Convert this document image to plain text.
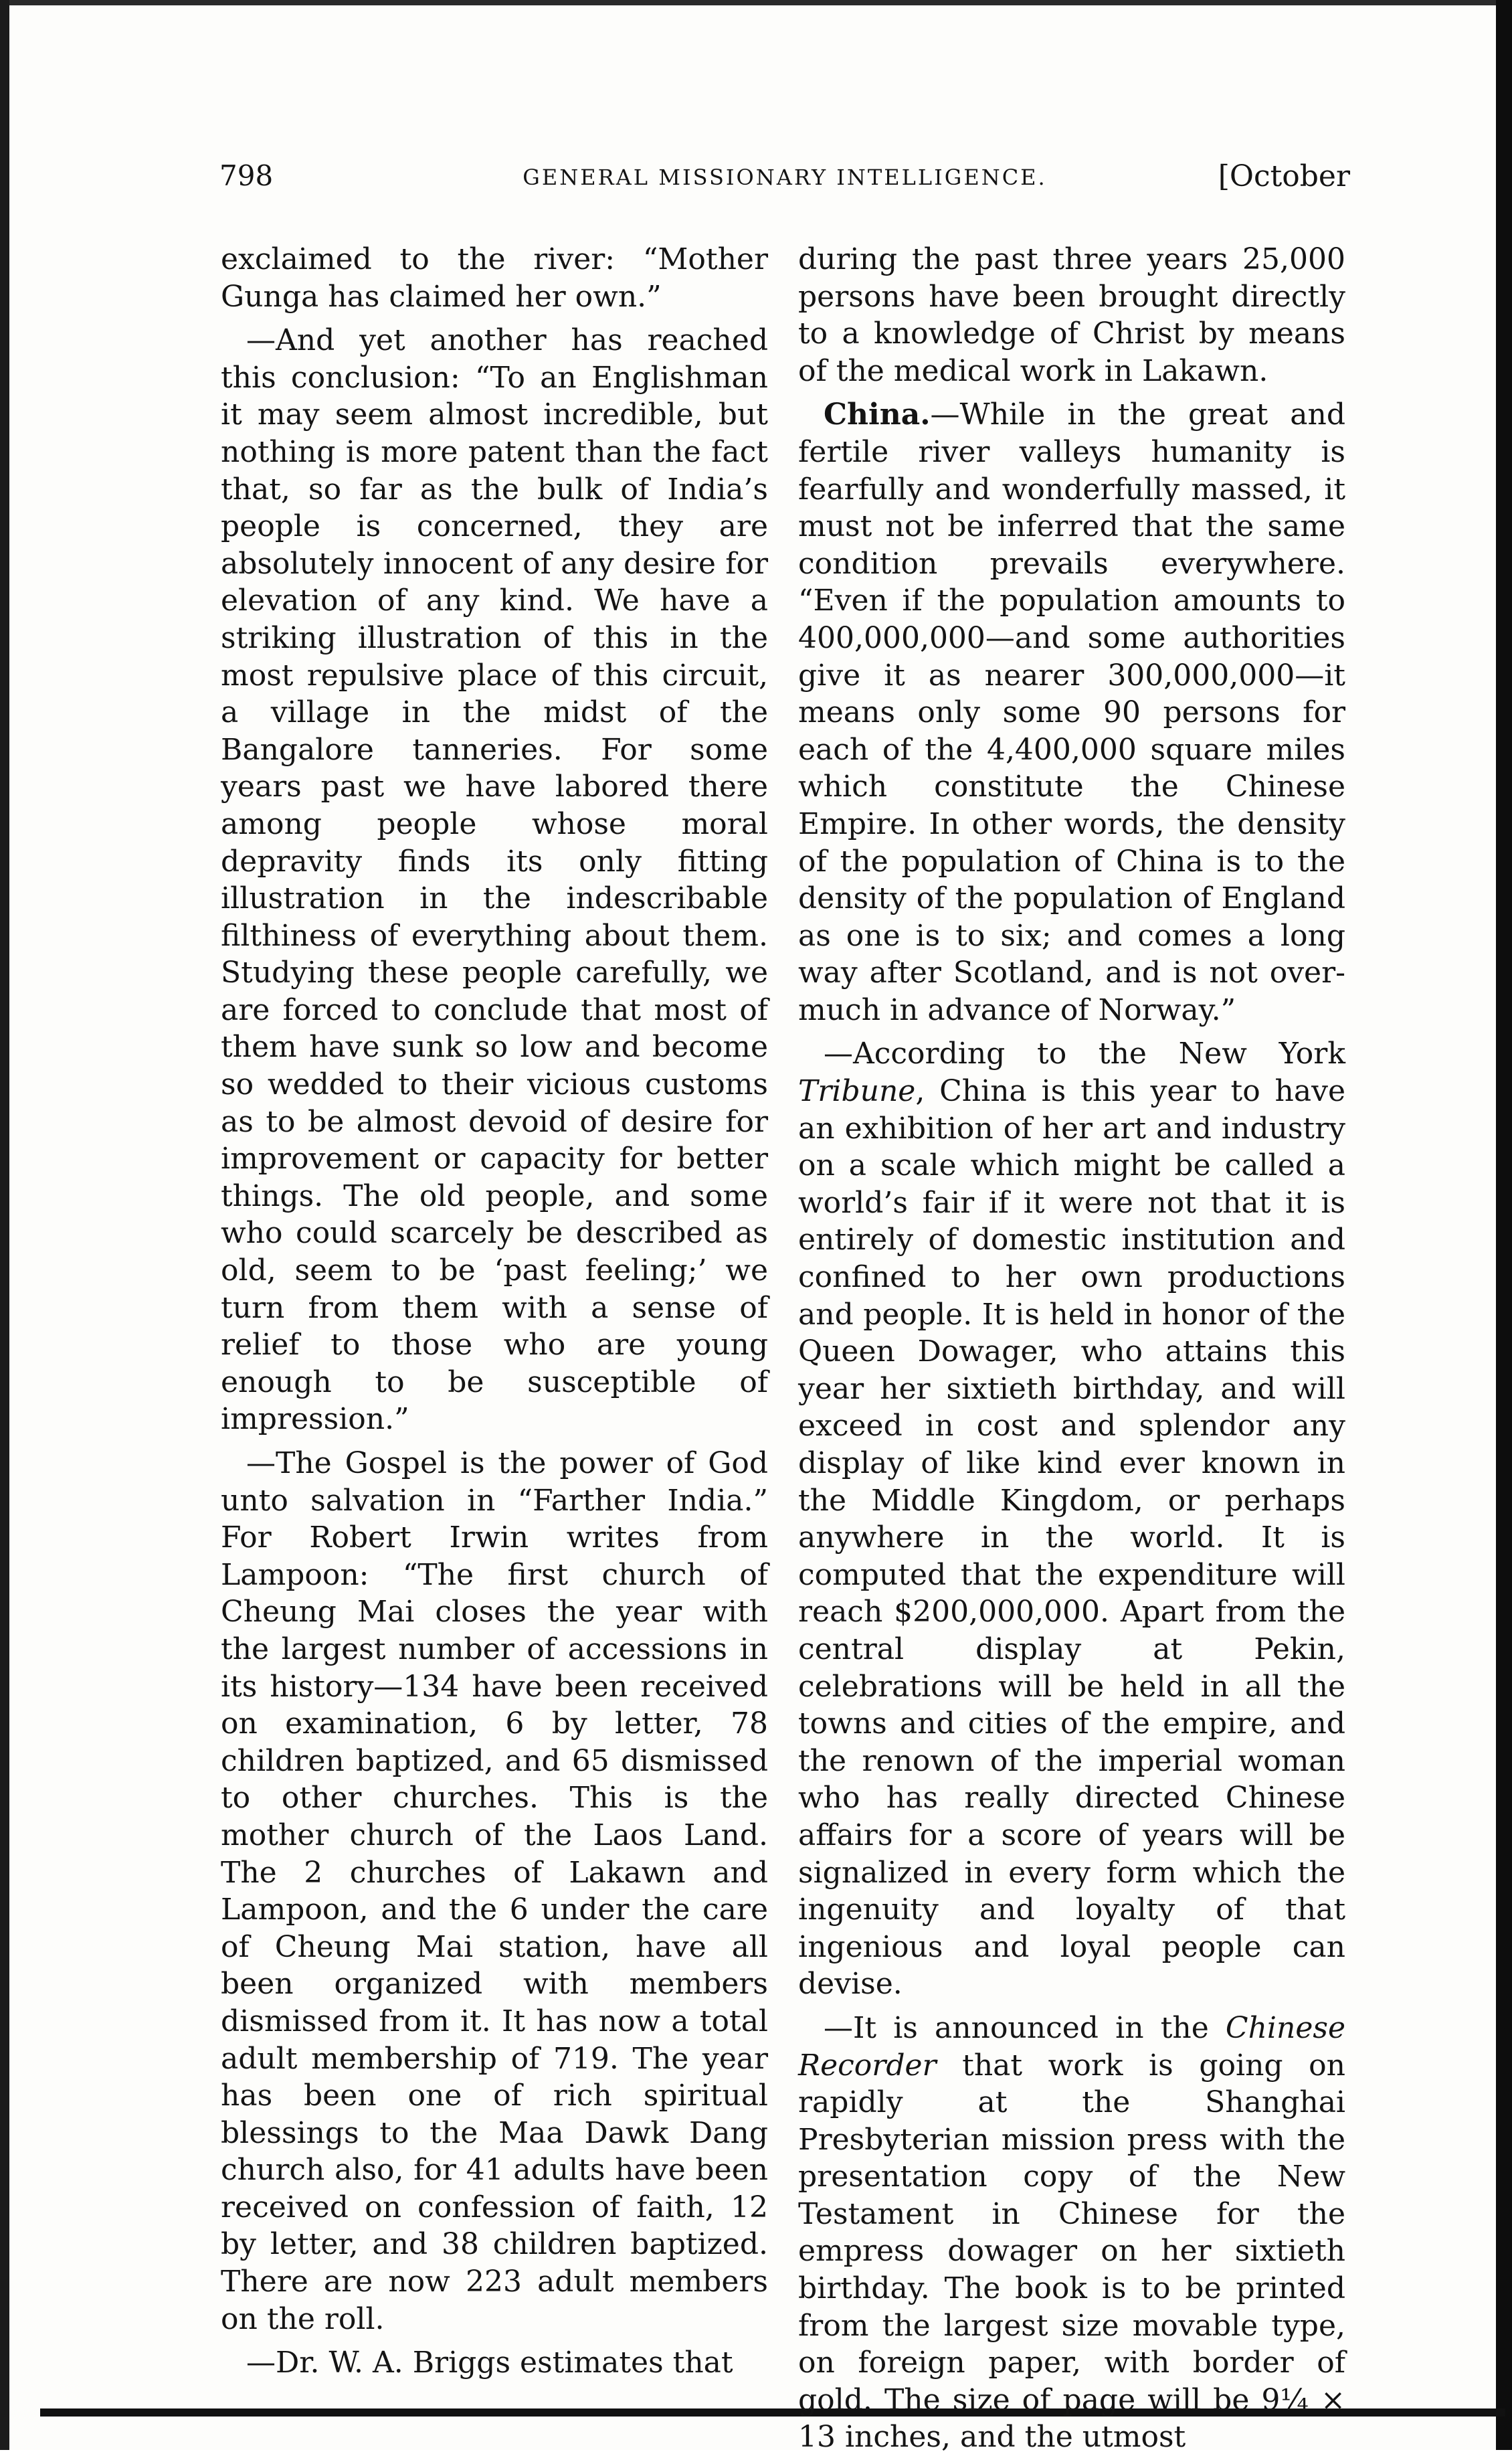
798	GENERAL MISSIONARY INTELLIGENCE.	[October

exclaimed to the river: “Mother Gunga has claimed her own.”

—And yet another has reached this conclusion: “To an Englishman it may seem almost incredible, but nothing is more patent than the fact that, so far as the bulk of India’s people is concerned, they are absolutely innocent of any desire for elevation of any kind. We have a striking illustration of this in the most repulsive place of this circuit, a village in the midst of the Bangalore tanneries. For some years past we have labored there among people whose moral depravity finds its only fitting illustration in the indescribable filthiness of everything about them. Studying these people carefully, we are forced to conclude that most of them have sunk so low and become so wedded to their vicious customs as to be almost devoid of desire for improvement or capacity for better things. The old people, and some who could scarcely be described as old, seem to be ‘past feeling;’ we turn from them with a sense of relief to those who are young enough to be susceptible of impression.”

—The Gospel is the power of God unto salvation in “Farther India.” For Robert Irwin writes from Lampoon: “The first church of Cheung Mai closes the year with the largest number of accessions in its history—134 have been received on examination, 6 by letter, 78 children baptized, and 65 dismissed to other churches. This is the mother church of the Laos Land. The 2 churches of Lakawn and Lampoon, and the 6 under the care of Cheung Mai station, have all been organized with members dismissed from it. It has now a total adult membership of 719. The year has been one of rich spiritual blessings to the Maa Dawk Dang church also, for 41 adults have been received on confession of faith, 12 by letter, and 38 children baptized. There are now 223 adult members on the roll.

—Dr. W. A. Briggs estimates that

during the past three years 25,000 persons have been brought directly to a knowledge of Christ by means of the medical work in Lakawn.

China.—While in the great and fertile river valleys humanity is fearfully and wonderfully massed, it must not be inferred that the same condition prevails everywhere. “Even if the population amounts to 400,000,000—and some authorities give it as nearer 300,000,000—it means only some 90 persons for each of the 4,400,000 square miles which constitute the Chinese Empire. In other words, the density of the population of China is to the density of the population of England as one is to six; and comes a long way after Scotland, and is not over-much in advance of Norway.”

—According to the New York Tribune, China is this year to have an exhibition of her art and industry on a scale which might be called a world’s fair if it were not that it is entirely of domestic institution and confined to her own productions and people. It is held in honor of the Queen Dowager, who attains this year her sixtieth birthday, and will exceed in cost and splendor any display of like kind ever known in the Middle Kingdom, or perhaps anywhere in the world. It is computed that the expenditure will reach $200,000,000. Apart from the central display at Pekin, celebrations will be held in all the towns and cities of the empire, and the renown of the imperial woman who has really directed Chinese affairs for a score of years will be signalized in every form which the ingenuity and loyalty of that ingenious and loyal people can devise.

—It is announced in the Chinese Recorder that work is going on rapidly at the Shanghai Presbyterian mission press with the presentation copy of the New Testament in Chinese for the empress dowager on her sixtieth birthday. The book is to be printed from the largest size movable type, on foreign paper, with border of gold. The size of page will be 9¼ × 13 inches, and the utmost
